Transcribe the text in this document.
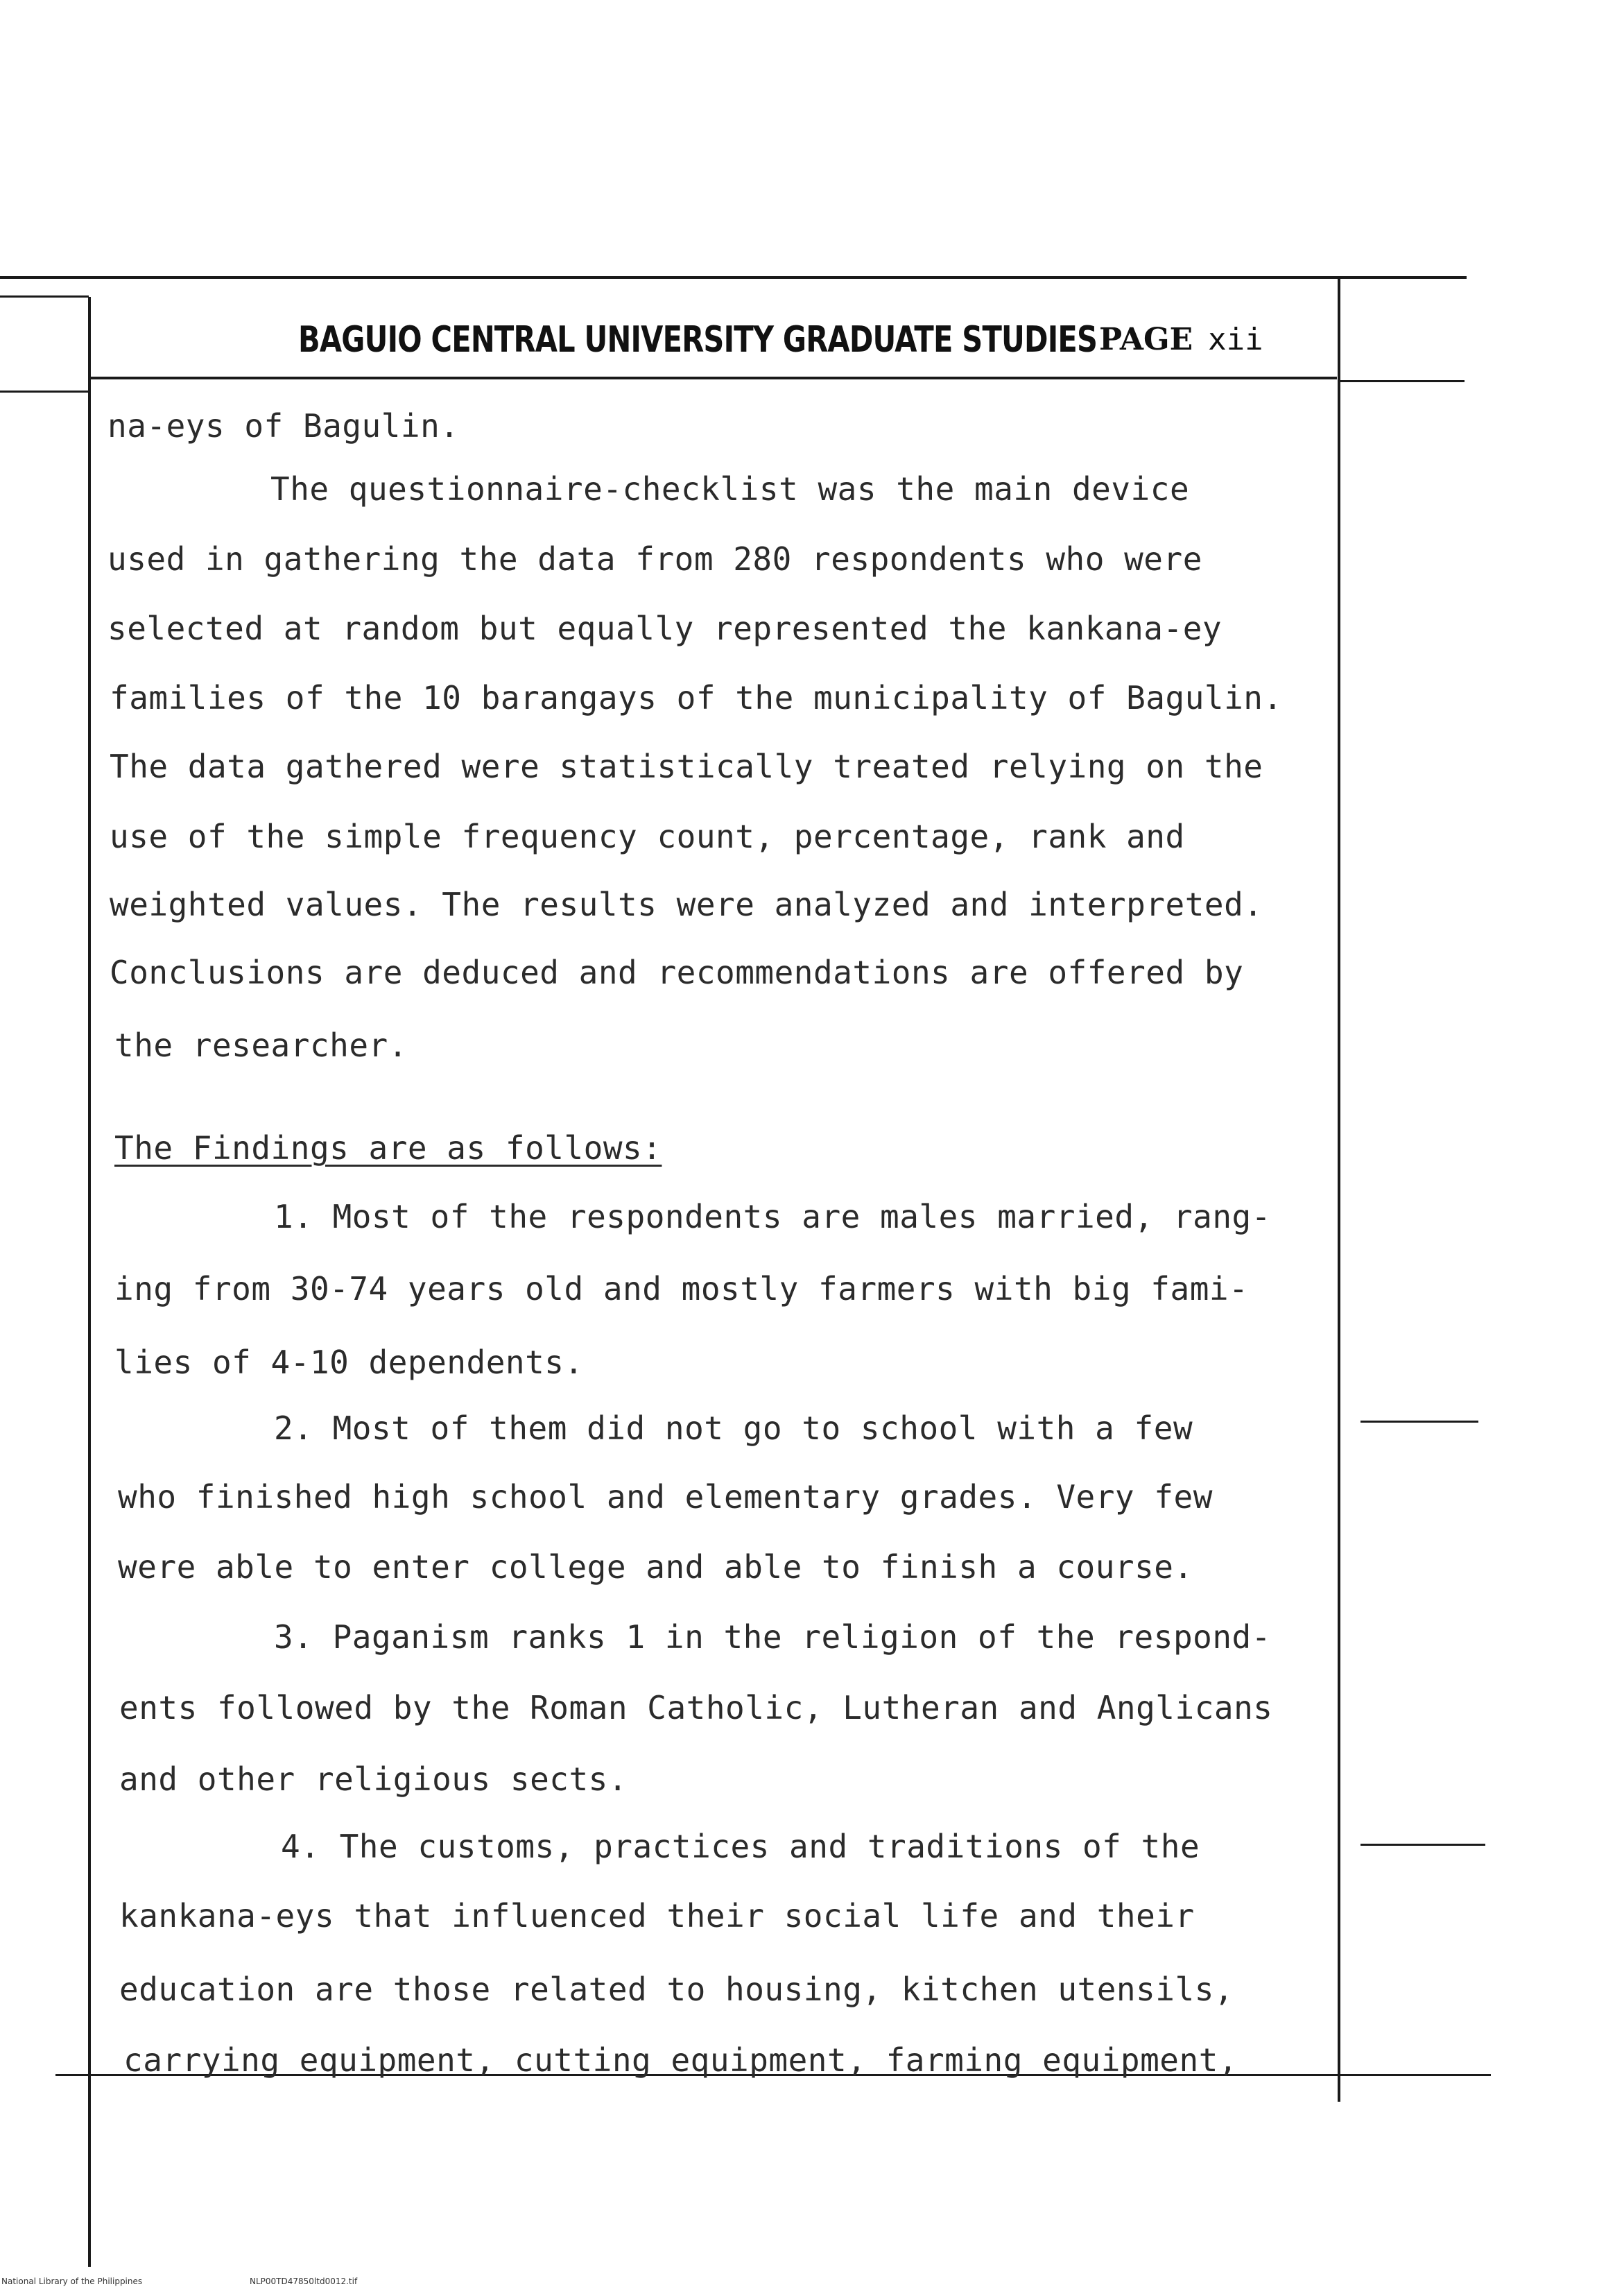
BAGUIO CENTRAL UNIVERSITY GRADUATE STUDIES PAGE xii
na-eys of Bagulin.
The questionnaire-checklist was the main device
used in gathering the data from 280 respondents who were
selected at random but equally represented the kankana-ey
families of the 10 barangays of the municipality of Bagulin.
The data gathered were statistically treated relying on the
use of the simple frequency count, percentage, rank and
weighted values. The results were analyzed and interpreted.
Conclusions are deduced and recommendations are offered by
the researcher.
The Findings are as follows:
1. Most of the respondents are males married, rang-
ing from 30-74 years old and mostly farmers with big fami-
lies of 4-10 dependents.
2. Most of them did not go to school with a few
who finished high school and elementary grades. Very few
were able to enter college and able to finish a course.
3. Paganism ranks 1 in the religion of the respond-
ents followed by the Roman Catholic, Lutheran and Anglicans
and other religious sects.
4. The customs, practices and traditions of the
kankana-eys that influenced their social life and their
education are those related to housing, kitchen utensils,
carrying equipment, cutting equipment, farming equipment,
National Library of the Philippines	NLP00TD47850ltd0012.tif
